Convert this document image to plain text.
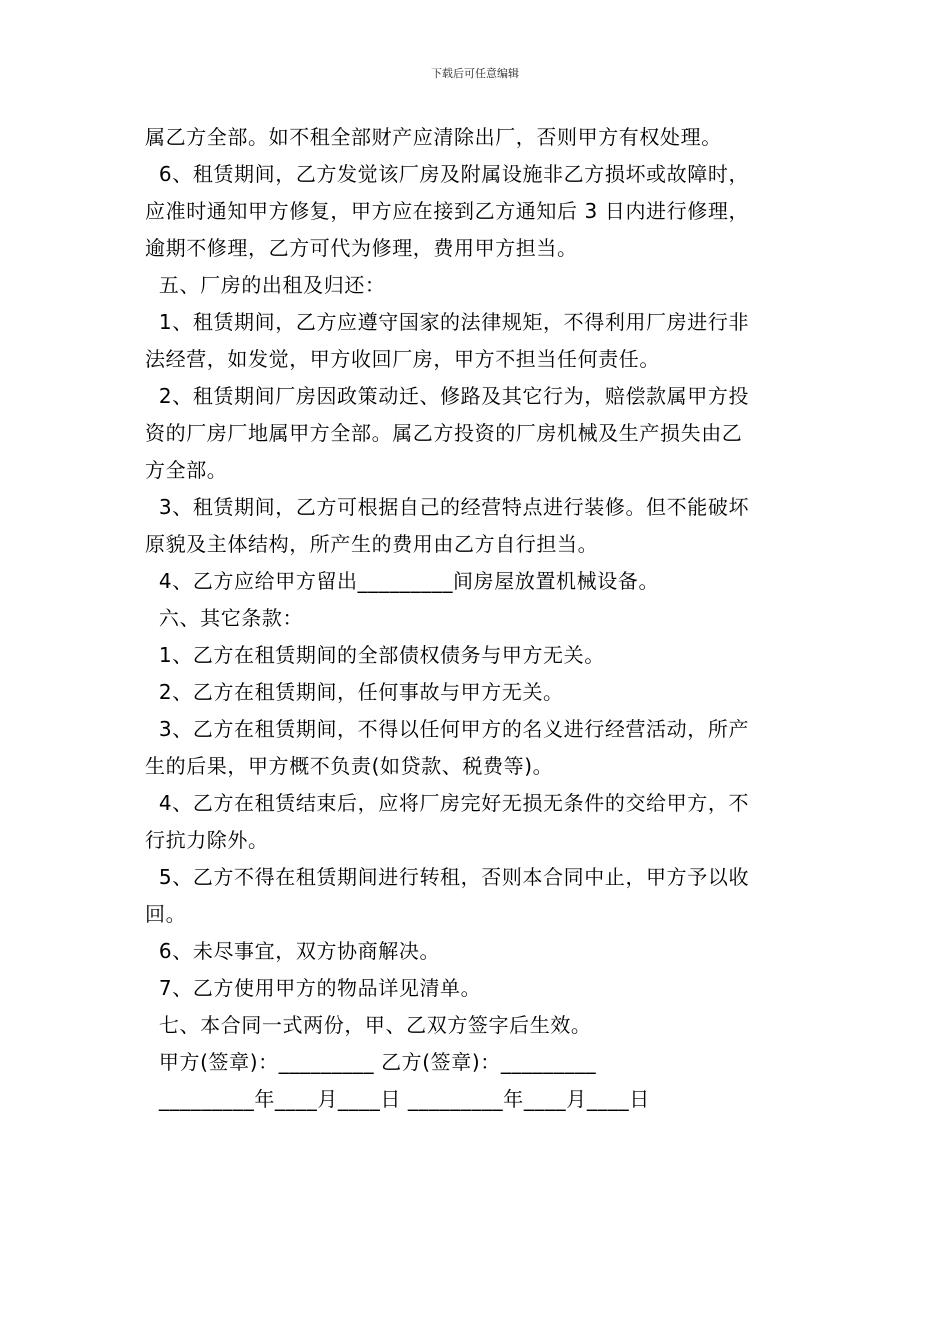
下载后可任意编辑
属乙方全部。如不租全部财产应清除出厂，否则甲方有权处理。
6、租赁期间，乙方发觉该厂房及附属设施非乙方损坏或故障时，
应准时通知甲方修复，甲方应在接到乙方通知后 3 日内进行修理，
逾期不修理，乙方可代为修理，费用甲方担当。
五、厂房的出租及归还：
1、租赁期间，乙方应遵守国家的法律规矩，不得利用厂房进行非
法经营，如发觉，甲方收回厂房，甲方不担当任何责任。
2、租赁期间厂房因政策动迁、修路及其它行为，赔偿款属甲方投
资的厂房厂地属甲方全部。属乙方投资的厂房机械及生产损失由乙
方全部。
3、租赁期间，乙方可根据自己的经营特点进行装修。但不能破坏
原貌及主体结构，所产生的费用由乙方自行担当。
4、乙方应给甲方留出_________间房屋放置机械设备。
六、其它条款：
1、乙方在租赁期间的全部债权债务与甲方无关。
2、乙方在租赁期间，任何事故与甲方无关。
3、乙方在租赁期间，不得以任何甲方的名义进行经营活动，所产
生的后果，甲方概不负责(如贷款、税费等)。
4、乙方在租赁结束后，应将厂房完好无损无条件的交给甲方，不
行抗力除外。
5、乙方不得在租赁期间进行转租，否则本合同中止，甲方予以收
回。
6、未尽事宜，双方协商解决。
7、乙方使用甲方的物品详见清单。
七、本合同一式两份，甲、乙双方签字后生效。
甲方(签章)：_________ 乙方(签章)：_________
_________年____月____日 _________年____月____日
